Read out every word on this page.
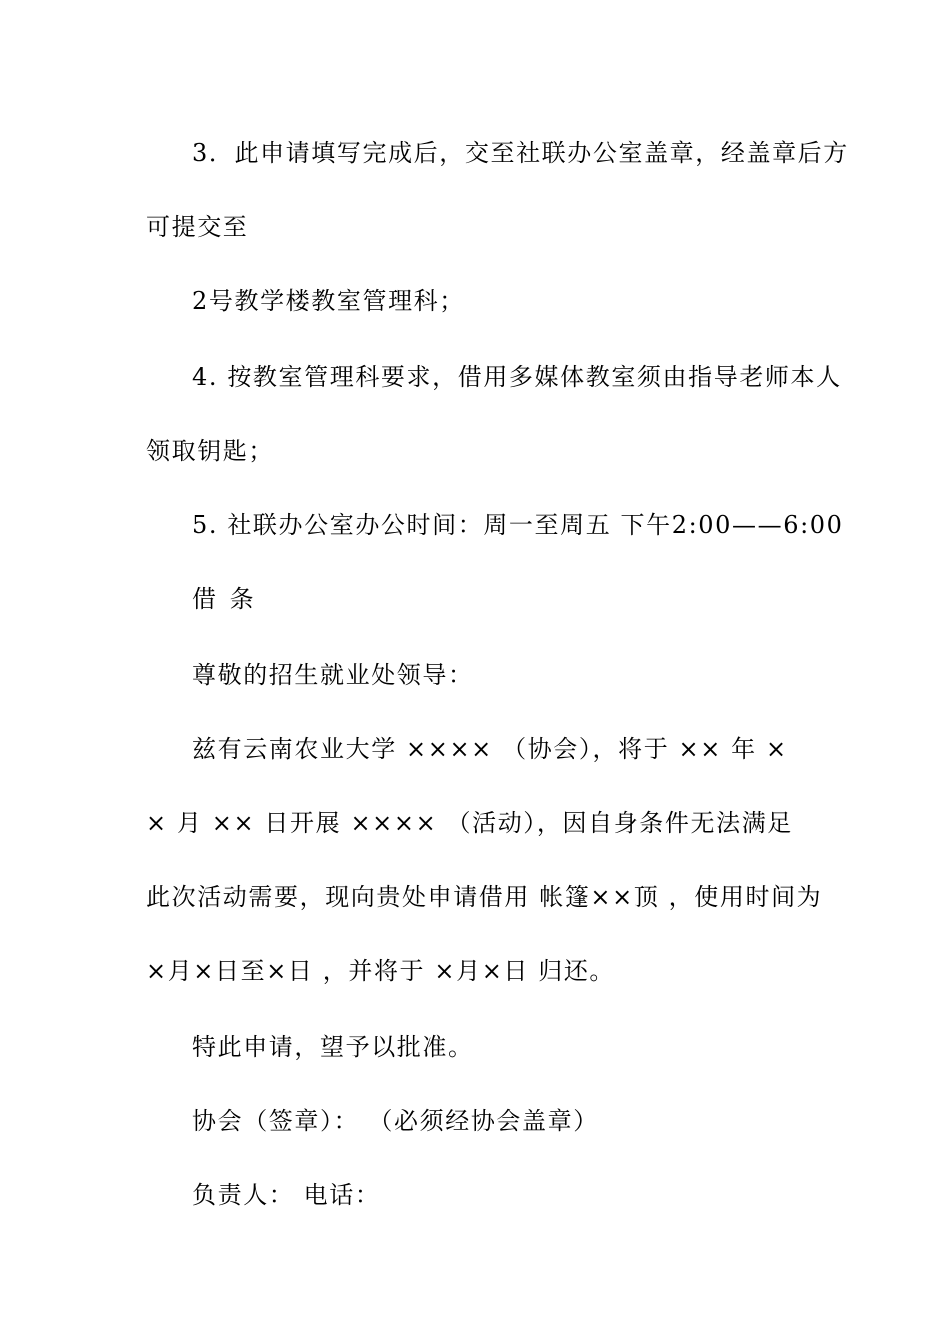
3．此申请填写完成后，交至社联办公室盖章，经盖章后方
可提交至
2号教学楼教室管理科；
4. 按教室管理科要求，借用多媒体教室须由指导老师本人
领取钥匙；
5. 社联办公室办公时间：周一至周五 下午2:00——6:00
借 条
尊敬的招生就业处领导：
兹有云南农业大学 ×××× （协会），将于 ×× 年 ×
× 月 ×× 日开展 ×××× （活动），因自身条件无法满足
此次活动需要，现向贵处申请借用 帐篷××顶 ，使用时间为
×月×日至×日 ，并将于 ×月×日 归还。
特此申请，望予以批准。
协会（签章）： （必须经协会盖章）
负责人： 电话：
